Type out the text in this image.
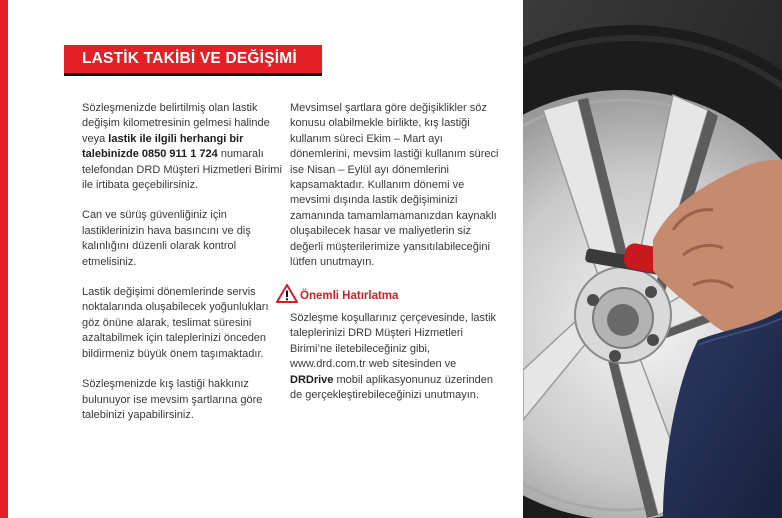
LASTİK TAKİBİ VE DEĞİŞİMİ

Sözleşmenizde belirtilmiş olan lastik değişim kilometresinin gelmesi halinde veya lastik ile ilgili herhangi bir talebinizde 0850 911 1 724 numaralı telefondan DRD Müşteri Hizmetleri Birimi ile irtibata geçebilirsiniz.

Can ve sürüş güvenliğiniz için lastiklerinizin hava basıncını ve diş kalınlığını düzenli olarak kontrol etmelisiniz.

Lastik değişimi dönemlerinde servis noktalarında oluşabilecek yoğunlukları göz önüne alarak, teslimat süresini azaltabilmek için taleplerinizi önceden bildirmeniz büyük önem taşımaktadır.

Sözleşmenizde kış lastiği hakkınız bulunuyor ise mevsim şartlarına göre talebinizi yapabilirsiniz.

Mevsimsel şartlara göre değişiklikler söz konusu olabilmekle birlikte, kış lastiği kullanım süreci Ekim – Mart ayı dönemlerini, mevsim lastiği kullanım süreci ise Nisan – Eylül ayı dönemlerini kapsamaktadır. Kullanım dönemi ve mevsimi dışında lastik değişiminizi zamanında tamamlamamanızdan kaynaklı oluşabilecek hasar ve maliyetlerin siz değerli müşterilerimize yansıtılabileceğini lütfen unutmayın.

Önemli Hatırlatma

Sözleşme koşullarınız çerçevesinde, lastik taleplerinizi DRD Müşteri Hizmetleri Birimi’ne iletebileceğiniz gibi, www.drd.com.tr web sitesinden ve DRDrive mobil aplikasyonunuz üzerinden de gerçekleştirebileceğinizi unutmayın.
